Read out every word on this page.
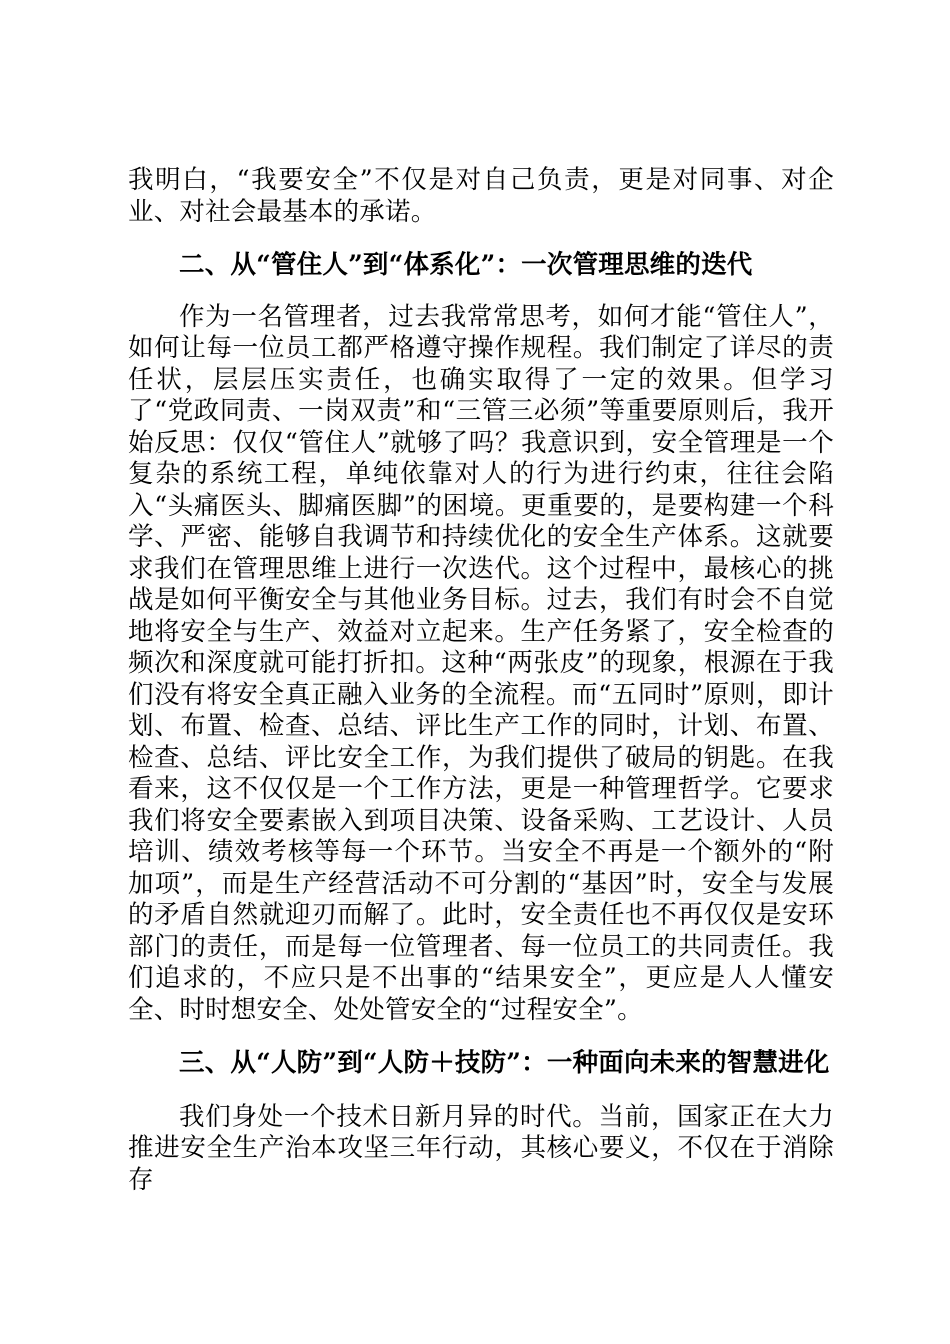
我明白，“我要安全”不仅是对自己负责，更是对同事、对企业、对社会最基本的承诺。

二、从“管住人”到“体系化”：一次管理思维的迭代

作为一名管理者，过去我常常思考，如何才能“管住人”，如何让每一位员工都严格遵守操作规程。我们制定了详尽的责任状，层层压实责任，也确实取得了一定的效果。但学习了“党政同责、一岗双责”和“三管三必须”等重要原则后，我开始反思：仅仅“管住人”就够了吗？我意识到，安全管理是一个复杂的系统工程，单纯依靠对人的行为进行约束，往往会陷入“头痛医头、脚痛医脚”的困境。更重要的，是要构建一个科学、严密、能够自我调节和持续优化的安全生产体系。这就要求我们在管理思维上进行一次迭代。这个过程中，最核心的挑战是如何平衡安全与其他业务目标。过去，我们有时会不自觉地将安全与生产、效益对立起来。生产任务紧了，安全检查的频次和深度就可能打折扣。这种“两张皮”的现象，根源在于我们没有将安全真正融入业务的全流程。而“五同时”原则，即计划、布置、检查、总结、评比生产工作的同时，计划、布置、检查、总结、评比安全工作，为我们提供了破局的钥匙。在我看来，这不仅仅是一个工作方法，更是一种管理哲学。它要求我们将安全要素嵌入到项目决策、设备采购、工艺设计、人员培训、绩效考核等每一个环节。当安全不再是一个额外的“附加项”，而是生产经营活动不可分割的“基因”时，安全与发展的矛盾自然就迎刃而解了。此时，安全责任也不再仅仅是安环部门的责任，而是每一位管理者、每一位员工的共同责任。我们追求的，不应只是不出事的“结果安全”，更应是人人懂安全、时时想安全、处处管安全的“过程安全”。

三、从“人防”到“人防＋技防”：一种面向未来的智慧进化

我们身处一个技术日新月异的时代。当前，国家正在大力推进安全生产治本攻坚三年行动，其核心要义，不仅在于消除存
